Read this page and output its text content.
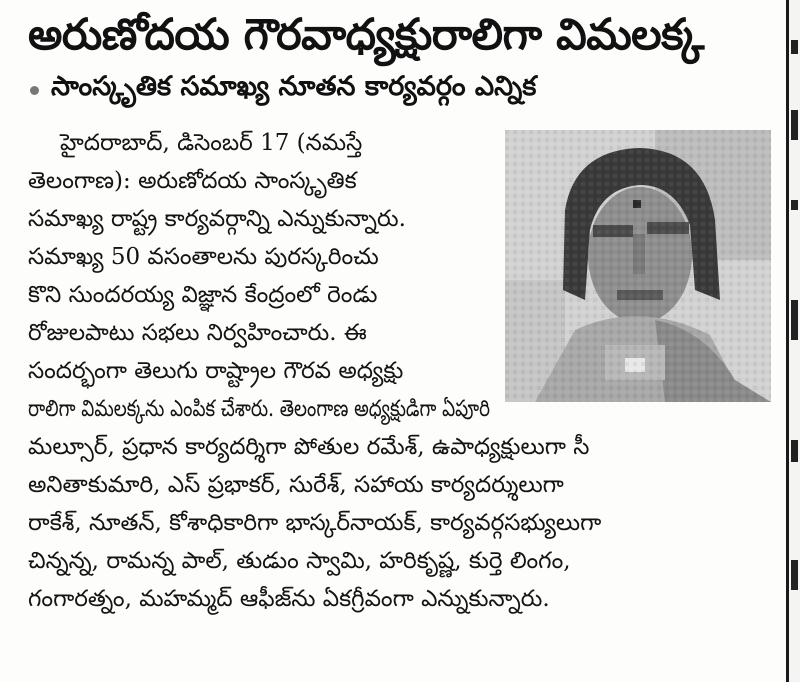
అరుణోదయ గౌరవాధ్యక్షురాలిగా విమలక్క
సాంస్కృతిక సమాఖ్య నూతన కార్యవర్గం ఎన్నిక

హైదరాబాద్, డిసెంబర్ 17 (నమస్తే

తెలంగాణ): అరుణోదయ సాంస్కృతిక

సమాఖ్య రాష్ట్ర కార్యవర్గాన్ని ఎన్నుకున్నారు.

సమాఖ్య 50 వసంతాలను పురస్కరించు

కొని సుందరయ్య విజ్ఞాన కేంద్రంలో రెండు

రోజులపాటు సభలు నిర్వహించారు. ఈ

సందర్భంగా తెలుగు రాష్ట్రాల గౌరవ అధ్యక్షు

రాలిగా విమలక్కను ఎంపిక చేశారు. తెలంగాణ అధ్యక్షుడిగా ఏపూరి

మల్సూర్, ప్రధాన కార్యదర్శిగా పోతుల రమేశ్, ఉపాధ్యక్షులుగా సీ

అనితాకుమారి, ఎస్ ప్రభాకర్, సురేశ్, సహాయ కార్యదర్శులుగా

రాకేశ్, నూతన్, కోశాధికారిగా భాస్కర్‌నాయక్, కార్యవర్గసభ్యులుగా

చిన్నన్న, రామన్న పాల్, తుడుం స్వామి, హరికృష్ణ, కుర్తె లింగం,

గంగారత్నం, మహమ్మద్ ఆఫీజ్‌ను ఏకగ్రీవంగా ఎన్నుకున్నారు.
